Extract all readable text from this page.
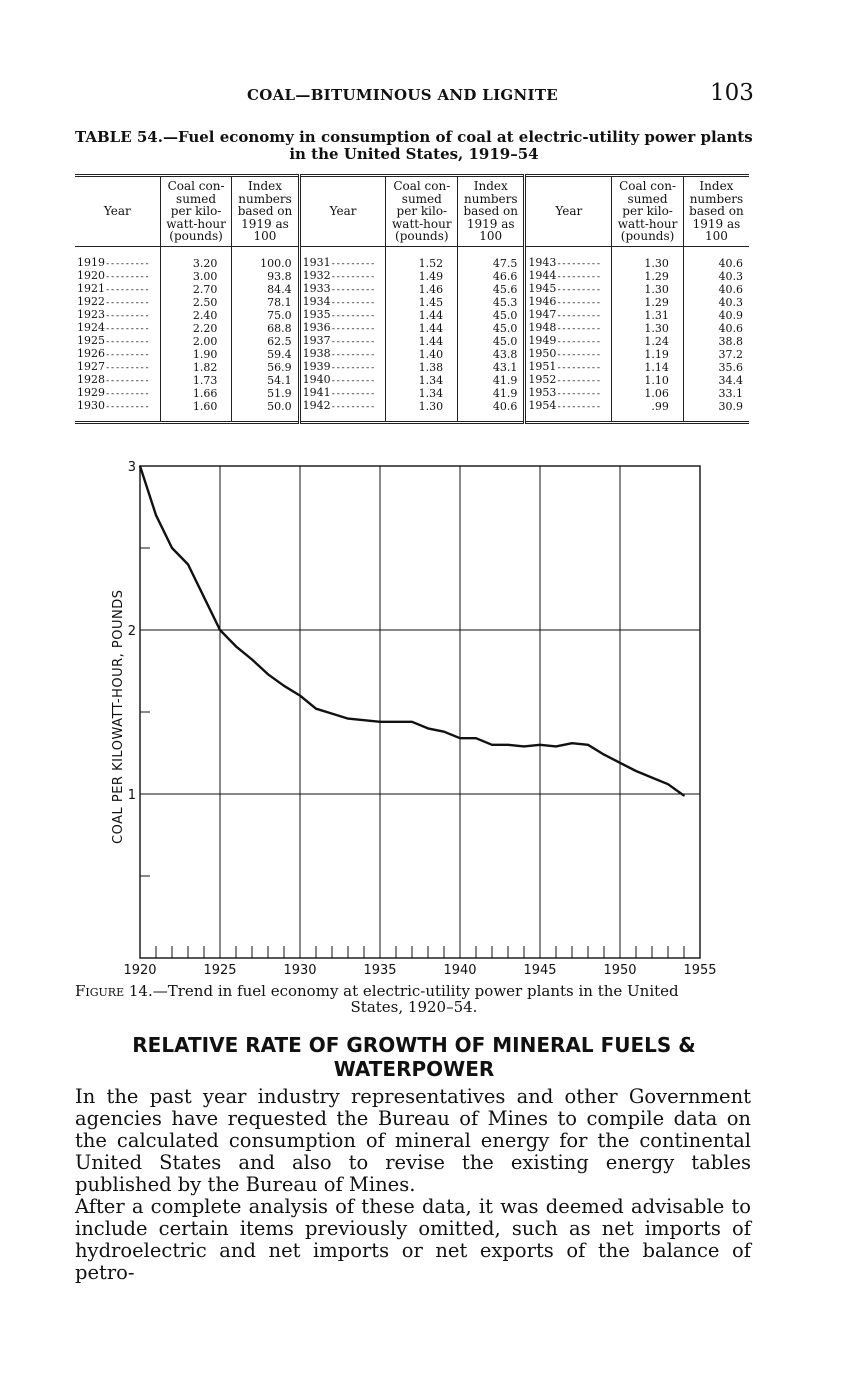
COAL—BITUMINOUS AND LIGNITE	103
TABLE 54.—Fuel economy in consumption of coal at electric-utility power plants
in the United States, 1919–54
Year	Coal con-
sumed
per kilo-
watt-hour
(pounds)	Index
numbers
based on
1919 as
100	Year	Coal con-
sumed
per kilo-
watt-hour
(pounds)	Index
numbers
based on
1919 as
100	Year	Coal con-
sumed
per kilo-
watt-hour
(pounds)	Index
numbers
based on
1919 as
100
1919---------	3.20	100.0	1931---------	1.52	47.5	1943---------	1.30	40.6
1920---------	3.00	93.8	1932---------	1.49	46.6	1944---------	1.29	40.3
1921---------	2.70	84.4	1933---------	1.46	45.6	1945---------	1.30	40.6
1922---------	2.50	78.1	1934---------	1.45	45.3	1946---------	1.29	40.3
1923---------	2.40	75.0	1935---------	1.44	45.0	1947---------	1.31	40.9
1924---------	2.20	68.8	1936---------	1.44	45.0	1948---------	1.30	40.6
1925---------	2.00	62.5	1937---------	1.44	45.0	1949---------	1.24	38.8
1926---------	1.90	59.4	1938---------	1.40	43.8	1950---------	1.19	37.2
1927---------	1.82	56.9	1939---------	1.38	43.1	1951---------	1.14	35.6
1928---------	1.73	54.1	1940---------	1.34	41.9	1952---------	1.10	34.4
1929---------	1.66	51.9	1941---------	1.34	41.9	1953---------	1.06	33.1
1930---------	1.60	50.0	1942---------	1.30	40.6	1954---------	.99	30.9
1920	1925	1930	1935	1940	1945	1950	1955
1
2
3
COAL PER KILOWATT-HOUR, POUNDS
Figure 14.—Trend in fuel economy at electric-utility power plants in the United
States, 1920–54.
RELATIVE RATE OF GROWTH OF MINERAL FUELS & WATERPOWER

In the past year industry representatives and other Government agencies have requested the Bureau of Mines to compile data on the calculated consumption of mineral energy for the continental United States and also to revise the existing energy tables published by the Bureau of Mines.

After a complete analysis of these data, it was deemed advisable to include certain items previously omitted, such as net imports of hydroelectric and net imports or net exports of the balance of petro-
